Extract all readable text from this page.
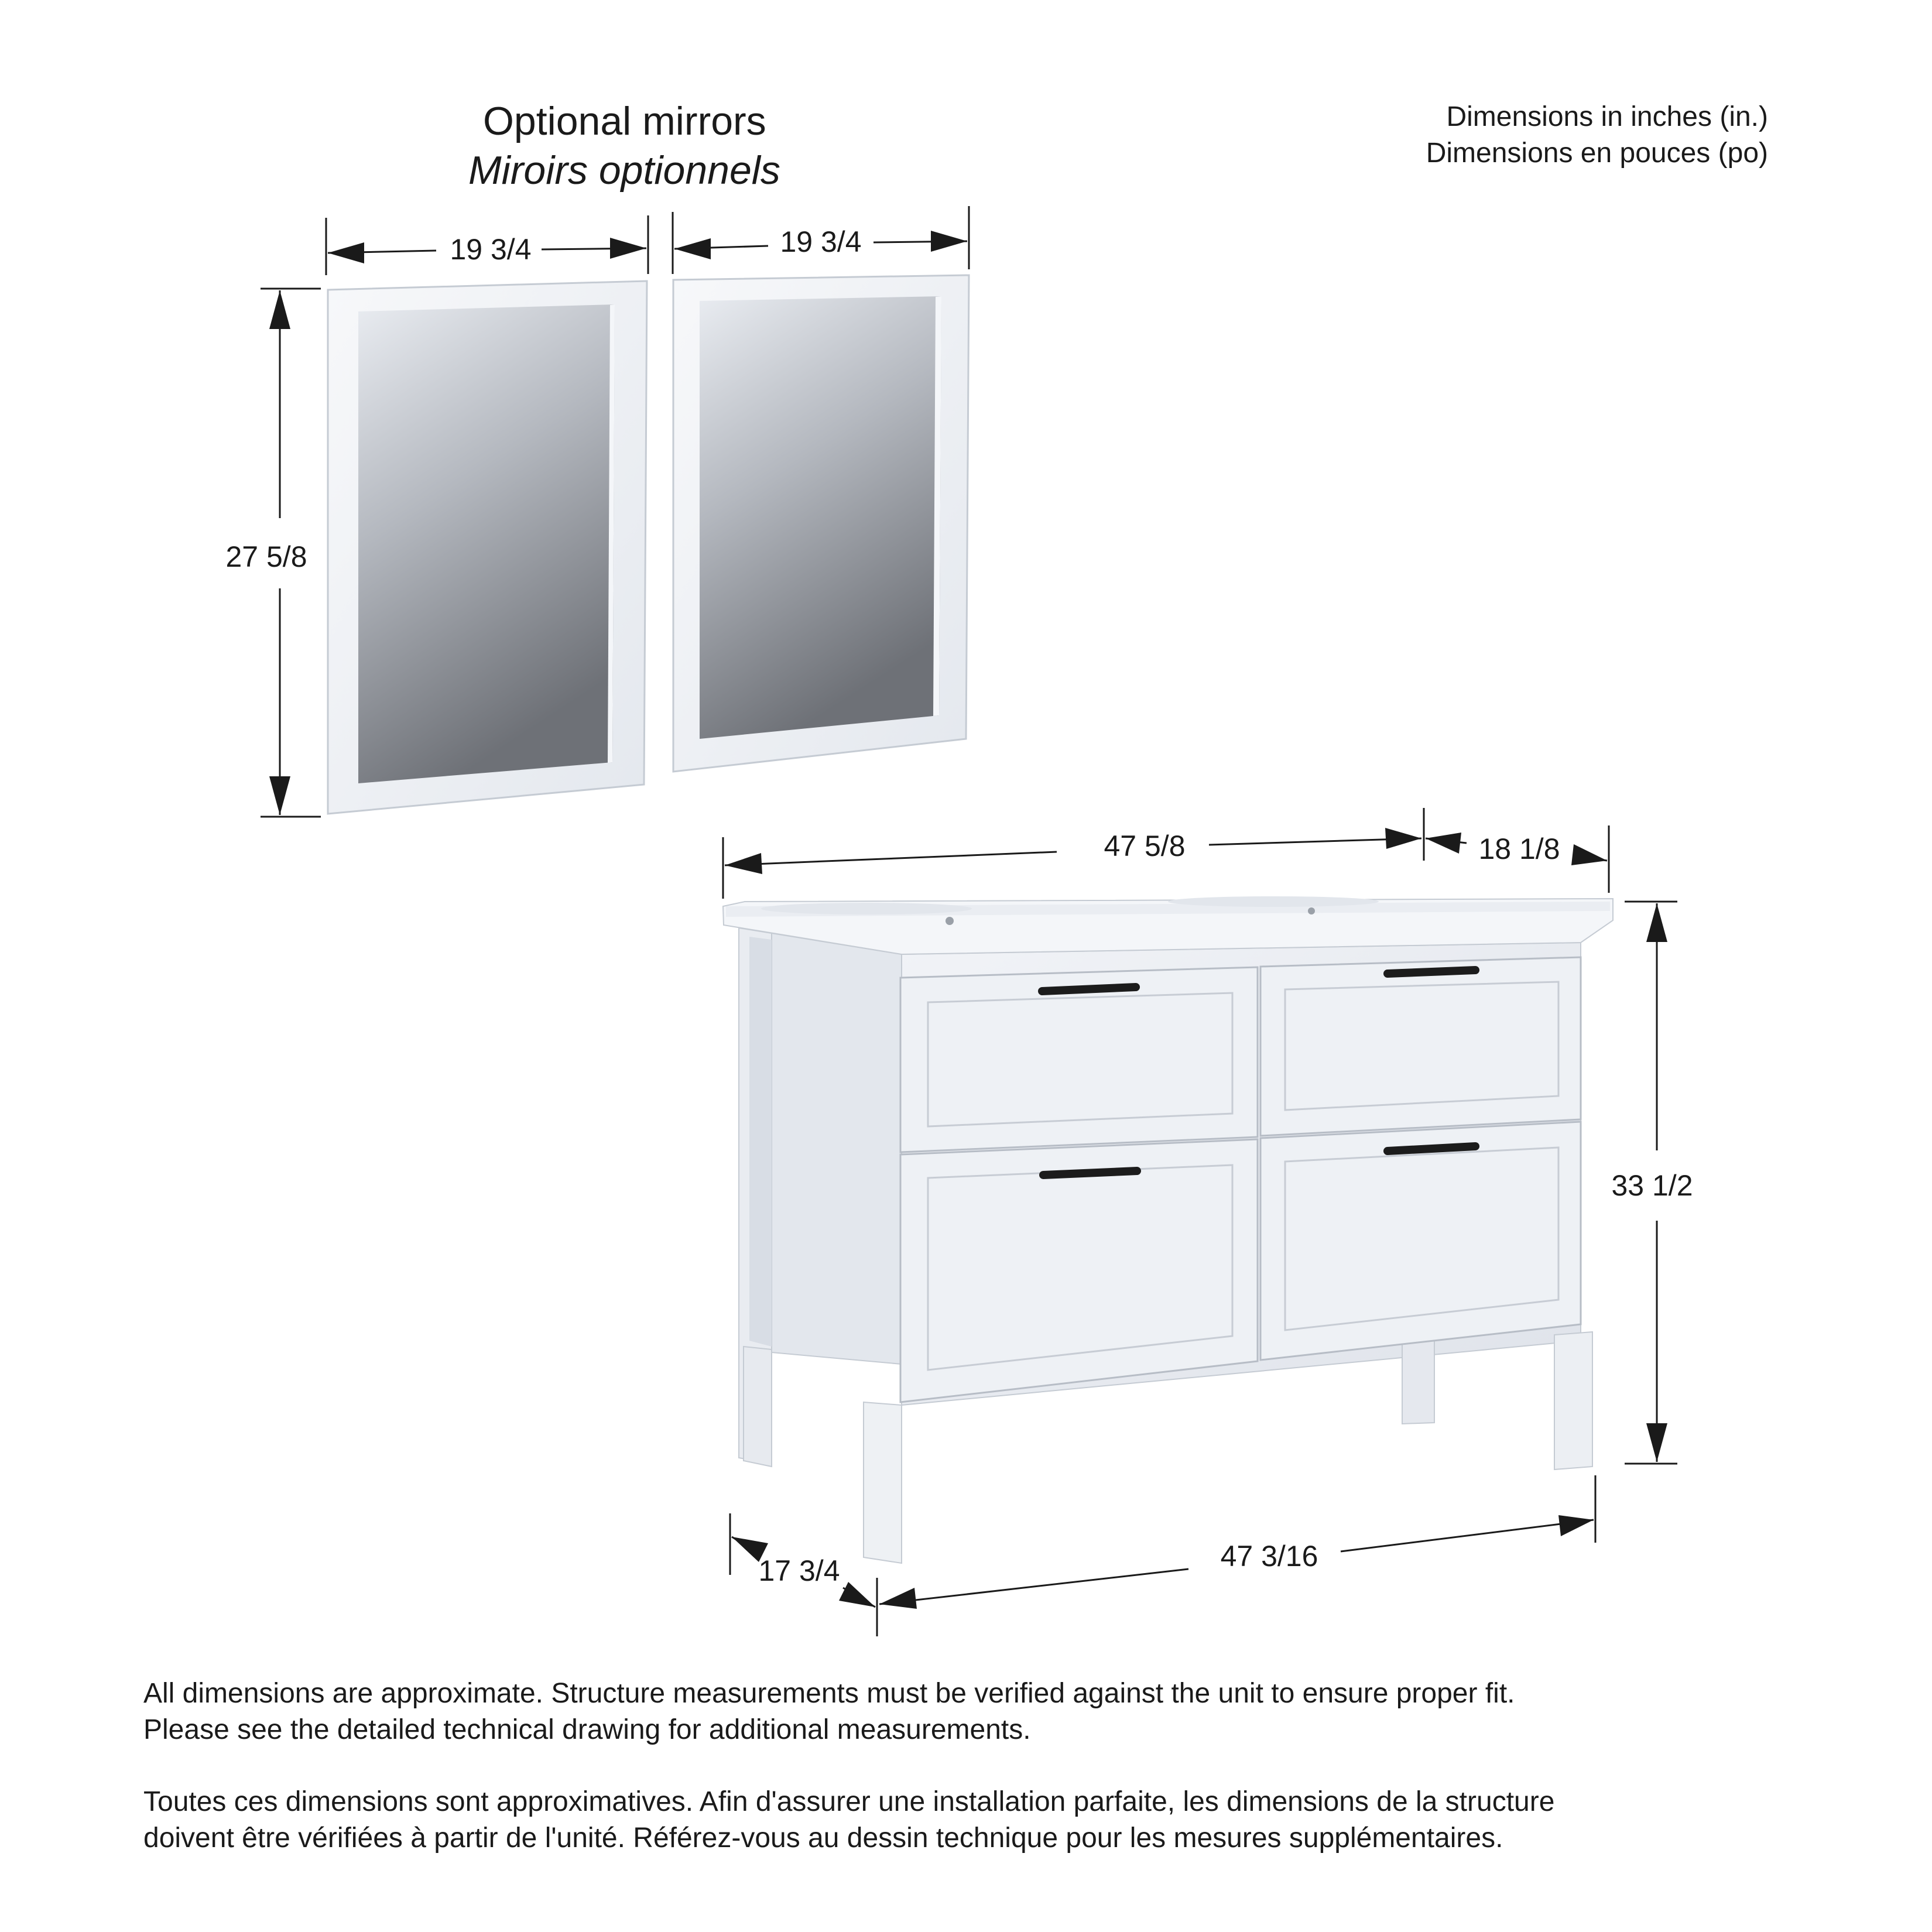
19 3/4	19 3/4
27 5/8
47 5/8	18 1/8
33 1/2
47 3/16
17 3/4
Optional mirrors
Miroirs optionnels
Dimensions in inches (in.)
Dimensions en pouces (po)
All dimensions are approximate. Structure measurements must be verified against the unit to ensure proper fit.
Please see the detailed technical drawing for additional measurements.
Toutes ces dimensions sont approximatives. Afin d'assurer une installation parfaite, les dimensions de la structure
doivent être vérifiées à partir de l'unité. Référez-vous au dessin technique pour les mesures supplémentaires.
